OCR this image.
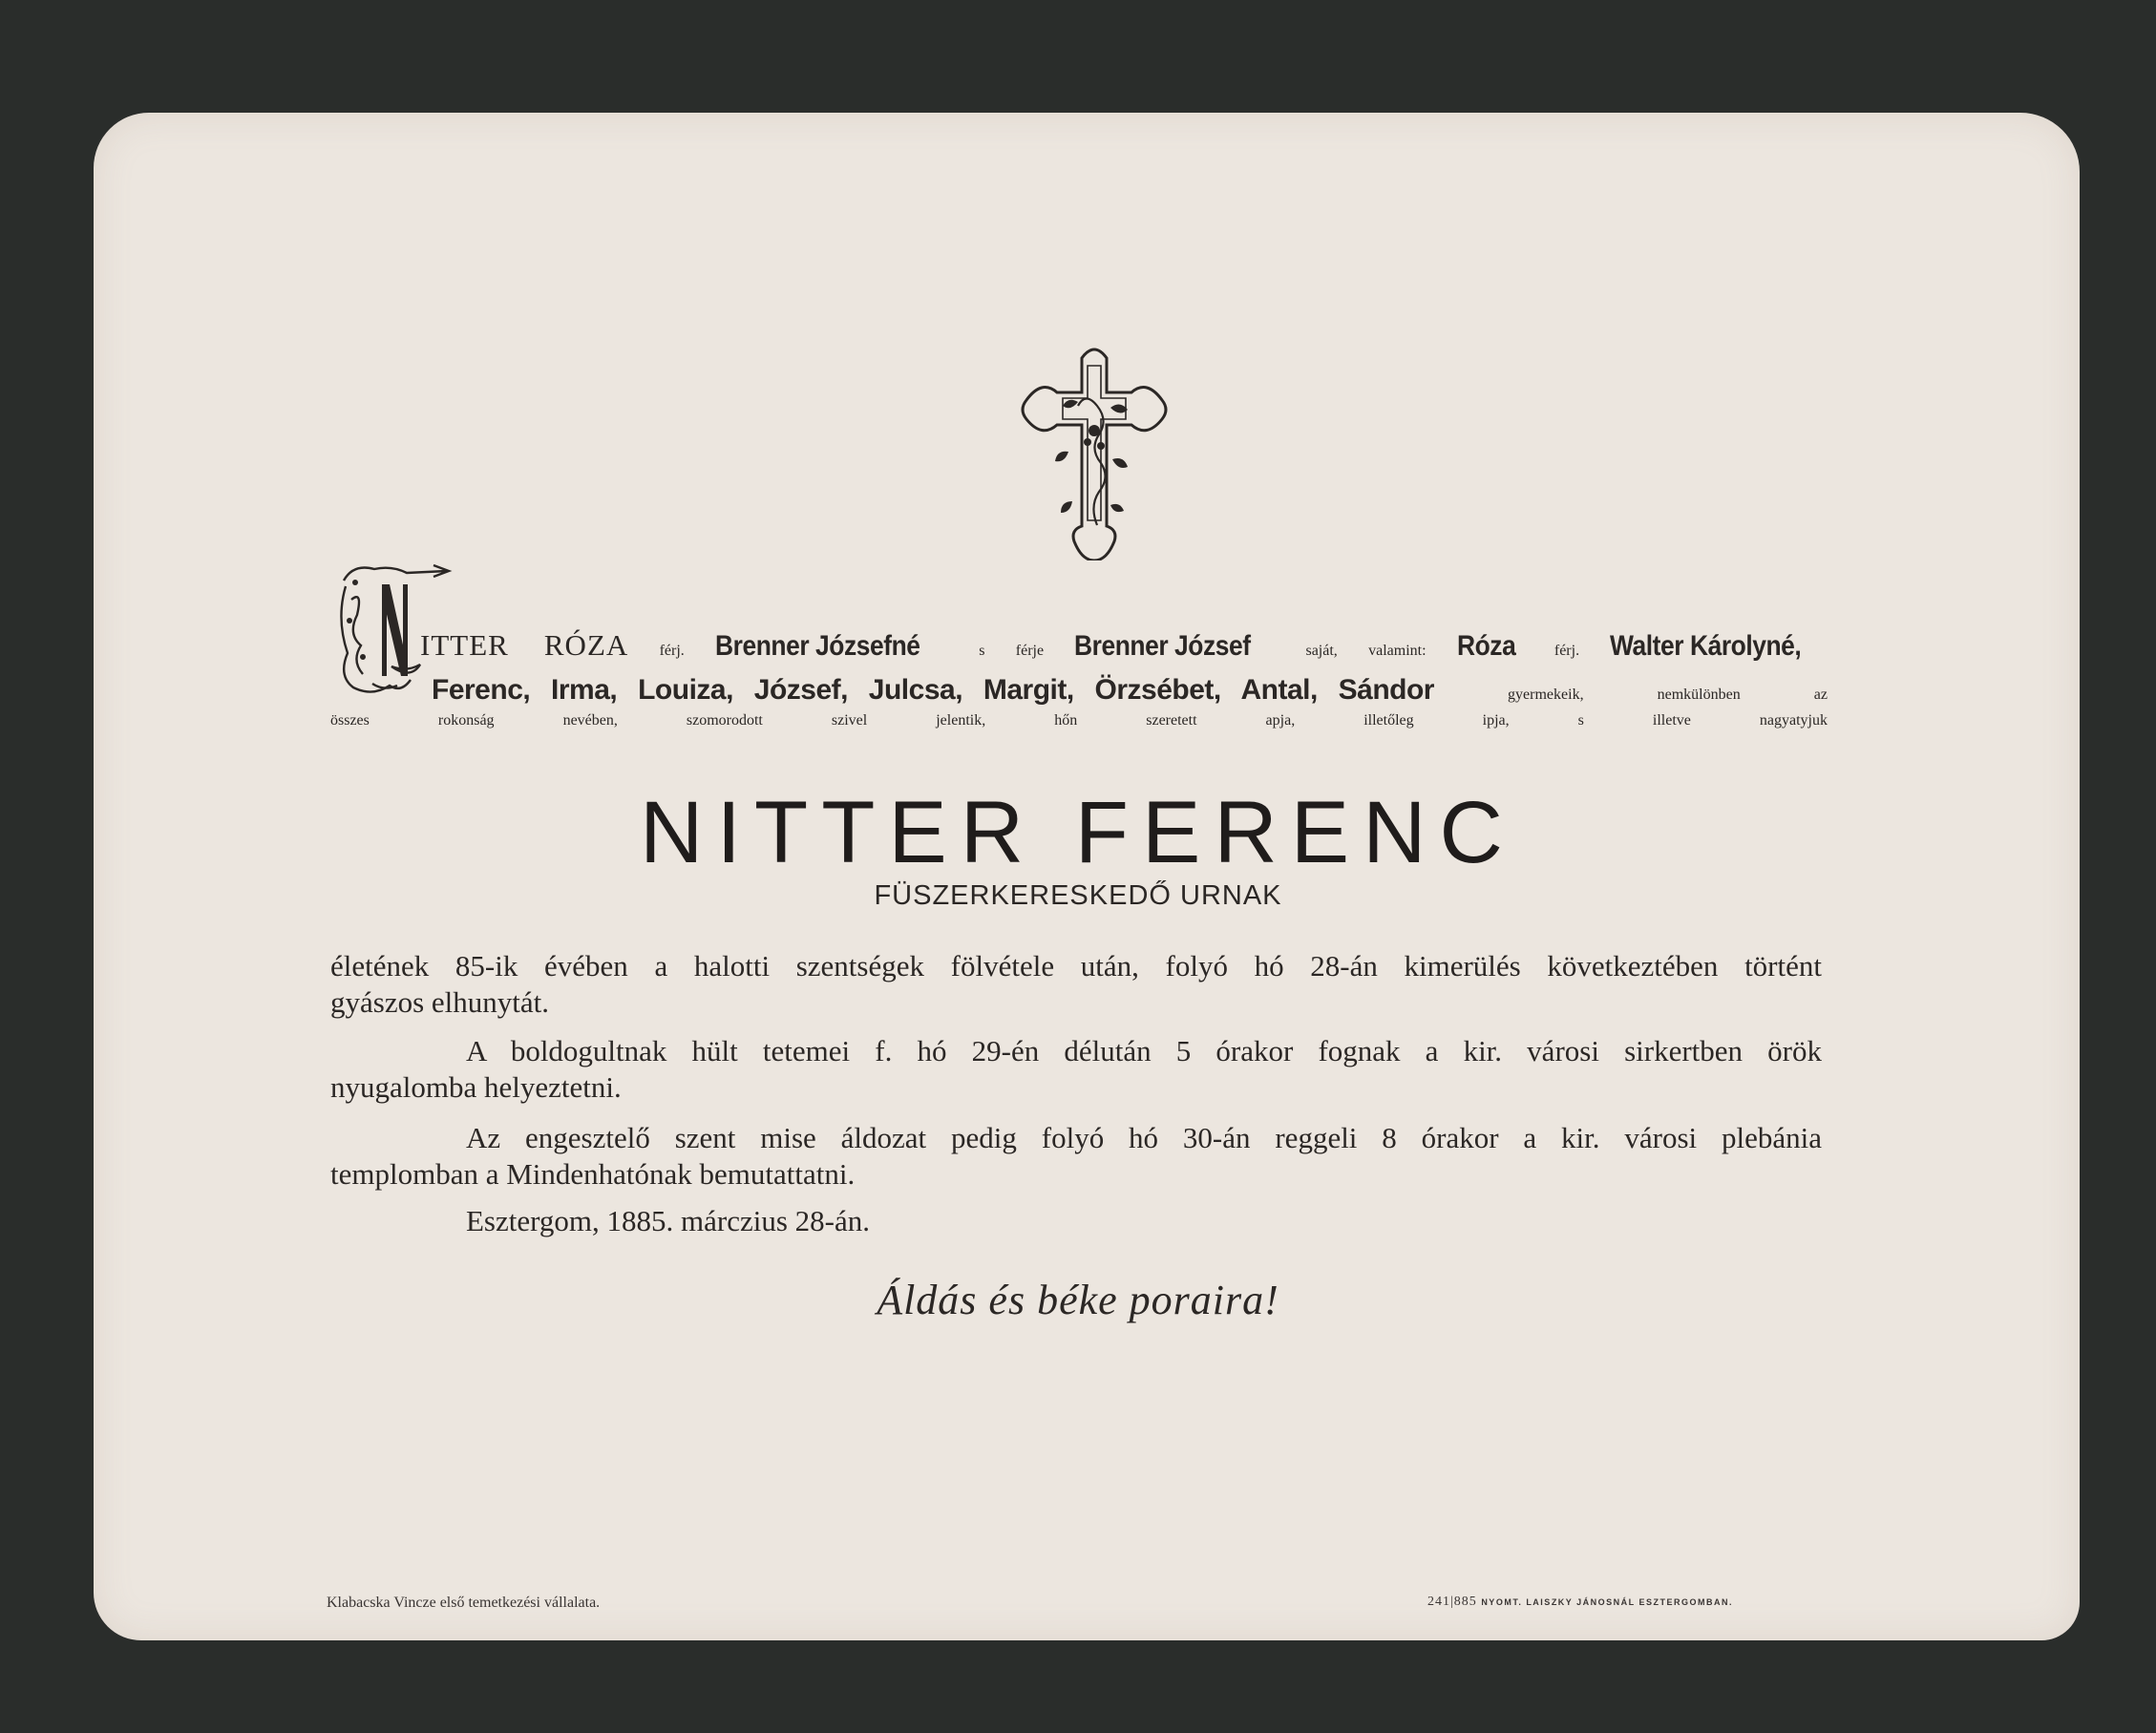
ITTER RÓZA férj. Brenner Józsefné s férje Brenner József saját, valamint: Róza férj. Walter Károlyné,
Ferenc, Irma, Louiza, József, Julcsa, Margit, Örzsébet, Antal, Sándor gyermekeik, nemkülönben az
összes rokonság nevében, szomorodott szivel jelentik, hőn szeretett apja, illetőleg ipja, s illetve nagyatyjuk
NITTER FERENC
FÜSZERKERESKEDŐ URNAK
életének 85-ik évében a halotti szentségek fölvétele után, folyó hó 28-án kimerülés következtében történt
gyászos elhunytát.
A boldogultnak hült tetemei f. hó 29-én délután 5 órakor fognak a kir. városi sirkertben örök
nyugalomba helyeztetni.
Az engesztelő szent mise áldozat pedig folyó hó 30-án reggeli 8 órakor a kir. városi plebánia
templomban a Mindenhatónak bemutattatni.
Esztergom, 1885. márczius 28-án.
Áldás és béke poraira!
Klabacska Vincze első temetkezési vállalata.	241|885 NYOMT. LAISZKY JÁNOSNÁL ESZTERGOMBAN.
